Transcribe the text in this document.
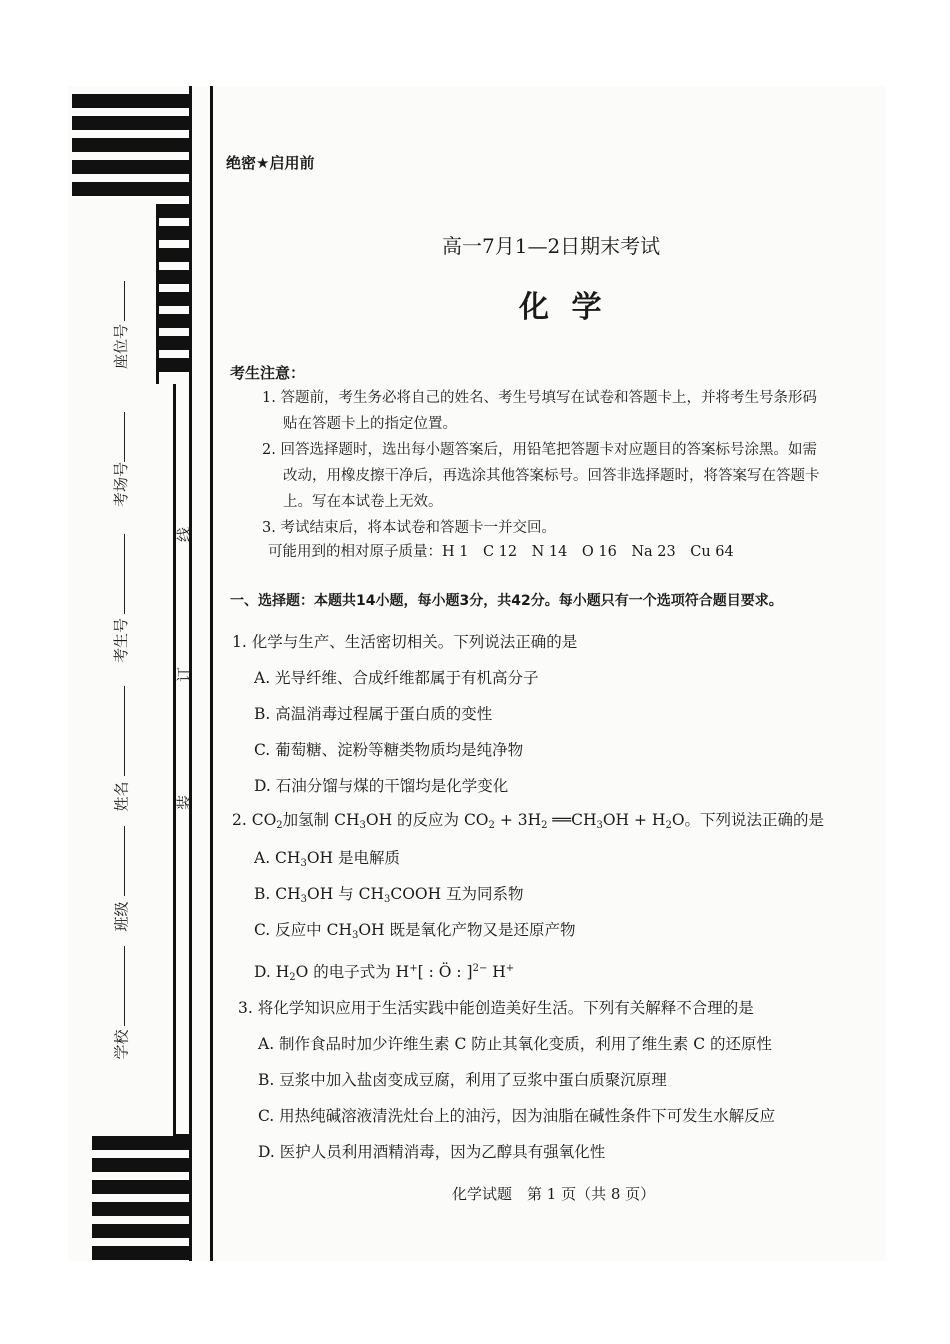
座位号
考场号
考生号
姓名
班级
学校
线
订
装
绝密★启用前
高一7月1—2日期末考试
化 学
考生注意：
1. 答题前，考生务必将自己的姓名、考生号填写在试卷和答题卡上，并将考生号条形码
贴在答题卡上的指定位置。
2. 回答选择题时，选出每小题答案后，用铅笔把答题卡对应题目的答案标号涂黑。如需
改动，用橡皮擦干净后，再选涂其他答案标号。回答非选择题时，将答案写在答题卡
上。写在本试卷上无效。
3. 考试结束后，将本试卷和答题卡一并交回。
可能用到的相对原子质量：H 1　C 12　N 14　O 16　Na 23　Cu 64
一、选择题：本题共14小题，每小题3分，共42分。每小题只有一个选项符合题目要求。
1. 化学与生产、生活密切相关。下列说法正确的是
A. 光导纤维、合成纤维都属于有机高分子
B. 高温消毒过程属于蛋白质的变性
C. 葡萄糖、淀粉等糖类物质均是纯净物
D. 石油分馏与煤的干馏均是化学变化
2. $CO_2$加氢制 $CH_3OH$ 的反应为 $CO_2 + 3H_2$ $══CH_3OH + H_2O$。下列说法正确的是
A. $CH_3OH$ 是电解质
B. $CH_3OH$ 与 $CH_3COOH$ 互为同系物
C. 反应中 $CH_3OH$ 既是氧化产物又是还原产物
D. $H_2O$ 的电子式为 H+[ : Ö : ]$^{2-}$ H+
3. 将化学知识应用于生活实践中能创造美好生活。下列有关解释不合理的是
A. 制作食品时加少许维生素 C 防止其氧化变质，利用了维生素 C 的还原性
B. 豆浆中加入盐卤变成豆腐，利用了豆浆中蛋白质聚沉原理
C. 用热纯碱溶液清洗灶台上的油污，因为油脂在碱性条件下可发生水解反应
D. 医护人员利用酒精消毒，因为乙醇具有强氧化性
化学试题　第 1 页（共 8 页）
